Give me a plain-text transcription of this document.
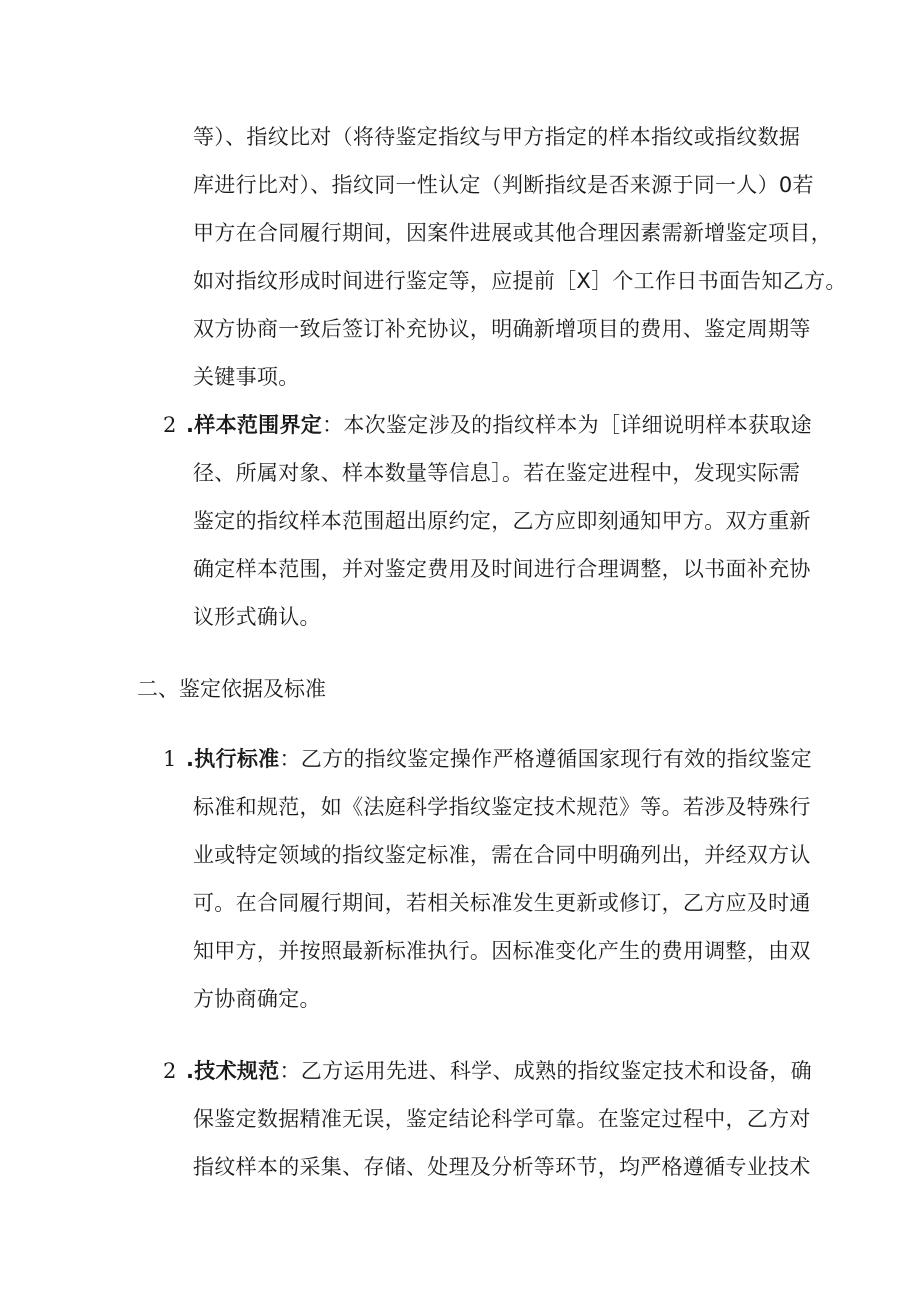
等）、指纹比对（将待鉴定指纹与甲方指定的样本指纹或指纹数据
库进行比对）、指纹同一性认定（判断指纹是否来源于同一人）0若
甲方在合同履行期间，因案件进展或其他合理因素需新增鉴定项目，
如对指纹形成时间进行鉴定等，应提前［X］个工作日书面告知乙方。
双方协商一致后签订补充协议，明确新增项目的费用、鉴定周期等
关键事项。
2 .样本范围界定：本次鉴定涉及的指纹样本为［详细说明样本获取途
径、所属对象、样本数量等信息］。若在鉴定进程中，发现实际需
鉴定的指纹样本范围超出原约定，乙方应即刻通知甲方。双方重新
确定样本范围，并对鉴定费用及时间进行合理调整，以书面补充协
议形式确认。
二、鉴定依据及标准
1 .执行标准：乙方的指纹鉴定操作严格遵循国家现行有效的指纹鉴定
标准和规范，如《法庭科学指纹鉴定技术规范》等。若涉及特殊行
业或特定领域的指纹鉴定标准，需在合同中明确列出，并经双方认
可。在合同履行期间，若相关标准发生更新或修订，乙方应及时通
知甲方，并按照最新标准执行。因标准变化产生的费用调整，由双
方协商确定。
2 .技术规范：乙方运用先进、科学、成熟的指纹鉴定技术和设备，确
保鉴定数据精准无误，鉴定结论科学可靠。在鉴定过程中，乙方对
指纹样本的采集、存储、处理及分析等环节，均严格遵循专业技术
